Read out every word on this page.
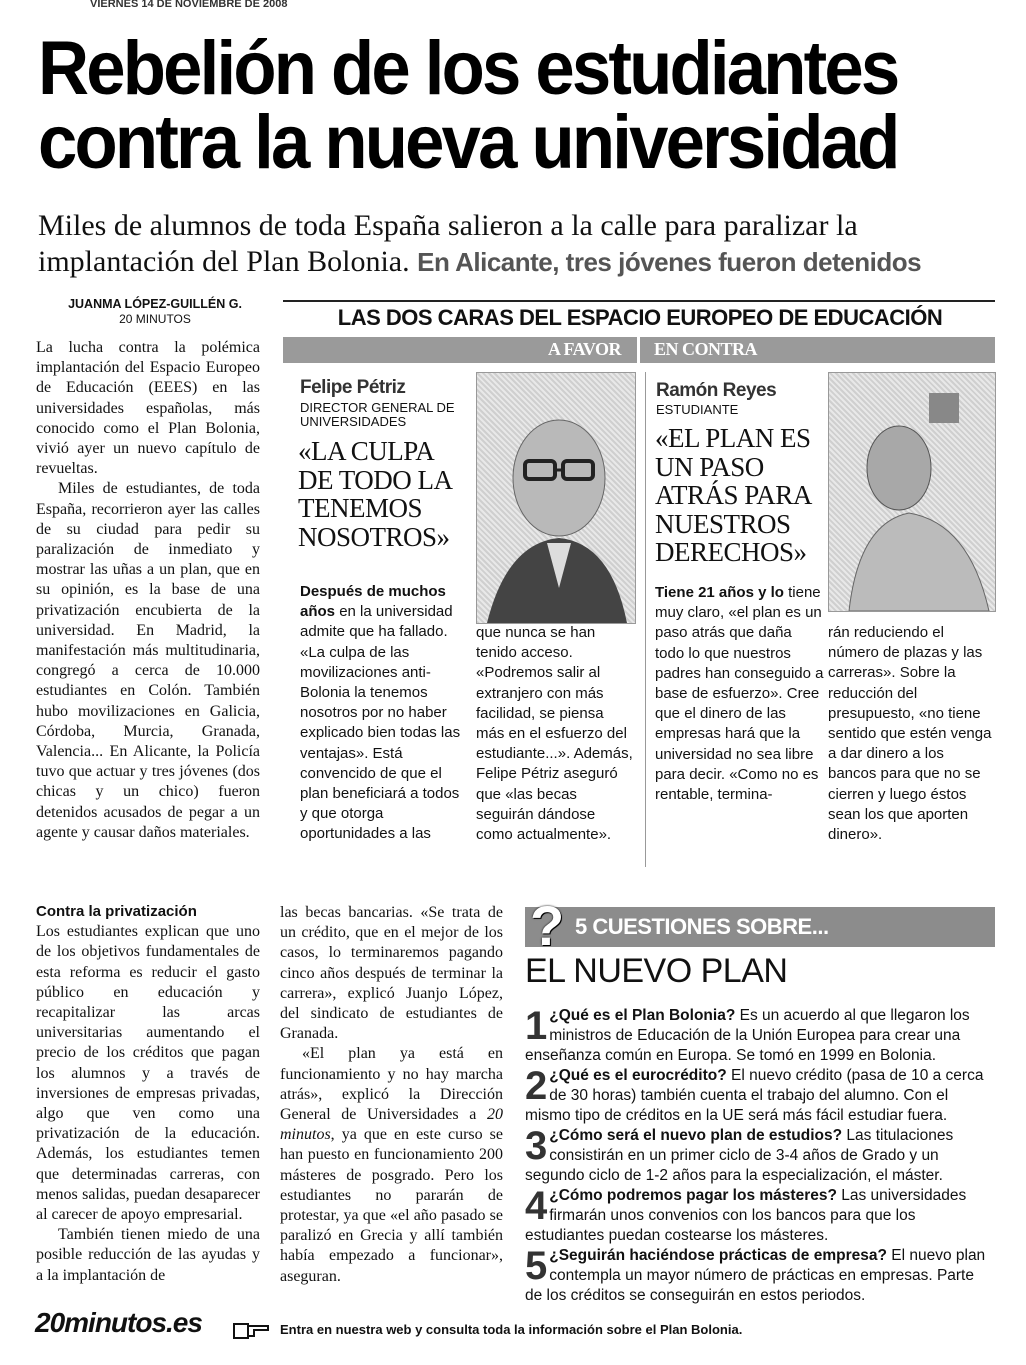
VIERNES 14 DE NOVIEMBRE DE 2008
Rebelión de los estudiantes
contra la nueva universidad
Miles de alumnos de toda España salieron a la calle para paralizar la implantación del Plan Bolonia. En Alicante, tres jóvenes fueron detenidos
JUANMA LÓPEZ-GUILLÉN G.
20 MINUTOS

La lucha contra la polémica implantación del Espacio Europeo de Educación (EEES) en las universidades españolas, más conocido como el Plan Bolonia, vivió ayer un nuevo capítulo de revueltas.

Miles de estudiantes, de toda España, recorrieron ayer las calles de su ciudad para pedir su paralización de inmediato y mostrar las uñas a un plan, que en su opinión, es la base de una privatización encubierta de la universidad. En Madrid, la manifestación más multitudinaria, congregó a cerca de 10.000 estudiantes en Colón. También hubo movilizaciones en Galicia, Córdoba, Murcia, Granada, Valencia... En Alicante, la Policía tuvo que actuar y tres jóvenes (dos chicas y un chico) fueron detenidos acusados de pegar a un agente y causar daños materiales.

LAS DOS CARAS DEL ESPACIO EUROPEO DE EDUCACIÓN
A FAVOR EN CONTRA
Felipe Pétriz
DIRECTOR GENERAL DE UNIVERSIDADES
«LA CULPA DE TODO LA TENEMOS NOSOTROS»
Después de muchos años en la universidad admite que ha fallado. «La culpa de las movilizaciones anti-Bolonia la tenemos nosotros por no haber explicado bien todas las ventajas». Está convencido de que el plan beneficiará a todos y que otorga oportunidades a las
que nunca se han tenido acceso. «Podremos salir al extranjero con más facilidad, se piensa más en el esfuerzo del estudiante...». Además, Felipe Pétriz aseguró que «las becas seguirán dándose como actualmente».
Ramón Reyes
ESTUDIANTE
«EL PLAN ES UN PASO ATRÁS PARA NUESTROS DERECHOS»
Tiene 21 años y lo tiene muy claro, «el plan es un paso atrás que daña todo lo que nuestros padres han conseguido a base de esfuerzo». Cree que el dinero de las empresas hará que la universidad no sea libre para decir. «Como no es rentable, termina-
rán reduciendo el número de plazas y las carreras». Sobre la reducción del presupuesto, «no tiene sentido que estén venga a dar dinero a los bancos para que no se cierren y luego éstos sean los que aporten dinero».
Contra la privatización

Los estudiantes explican que uno de los objetivos fundamentales de esta reforma es reducir el gasto público en educación y recapitalizar las arcas universitarias aumentando el precio de los créditos que pagan los alumnos y a través de inversiones de empresas privadas, algo que ven como una privatización de la educación. Además, los estudiantes temen que determinadas carreras, con menos salidas, puedan desaparecer al carecer de apoyo empresarial.

También tienen miedo de una posible reducción de las ayudas y a la implantación de

las becas bancarias. «Se trata de un crédito, que en el mejor de los casos, lo terminaremos pagando cinco años después de terminar la carrera», explicó Juanjo López, del sindicato de estudiantes de Granada.

«El plan ya está en funcionamiento y no hay marcha atrás», explicó la Dirección General de Universidades a 20 minutos, ya que en este curso se han puesto en funcionamiento 200 másteres de posgrado. Pero los estudiantes no pararán de protestar, ya que «el año pasado se paralizó en Grecia y allí también había empezado a funcionar», aseguran.

? 5 CUESTIONES SOBRE...
EL NUEVO PLAN
1 ¿Qué es el Plan Bolonia? Es un acuerdo al que llegaron los ministros de Educación de la Unión Europea para crear una enseñanza común en Europa. Se tomó en 1999 en Bolonia.
2 ¿Qué es el eurocrédito? El nuevo crédito (pasa de 10 a cerca de 30 horas) también cuenta el trabajo del alumno. Con el mismo tipo de créditos en la UE será más fácil estudiar fuera.
3 ¿Cómo será el nuevo plan de estudios? Las titulaciones consistirán en un primer ciclo de 3-4 años de Grado y un segundo ciclo de 1-2 años para la especialización, el máster.
4 ¿Cómo podremos pagar los másteres? Las universidades firmarán unos convenios con los bancos para que los estudiantes puedan costearse los másteres.
5 ¿Seguirán haciéndose prácticas de empresa? El nuevo plan contempla un mayor número de prácticas en empresas. Parte de los créditos se conseguirán en estos periodos.
20minutos.es	Entra en nuestra web y consulta toda la información sobre el Plan Bolonia.
